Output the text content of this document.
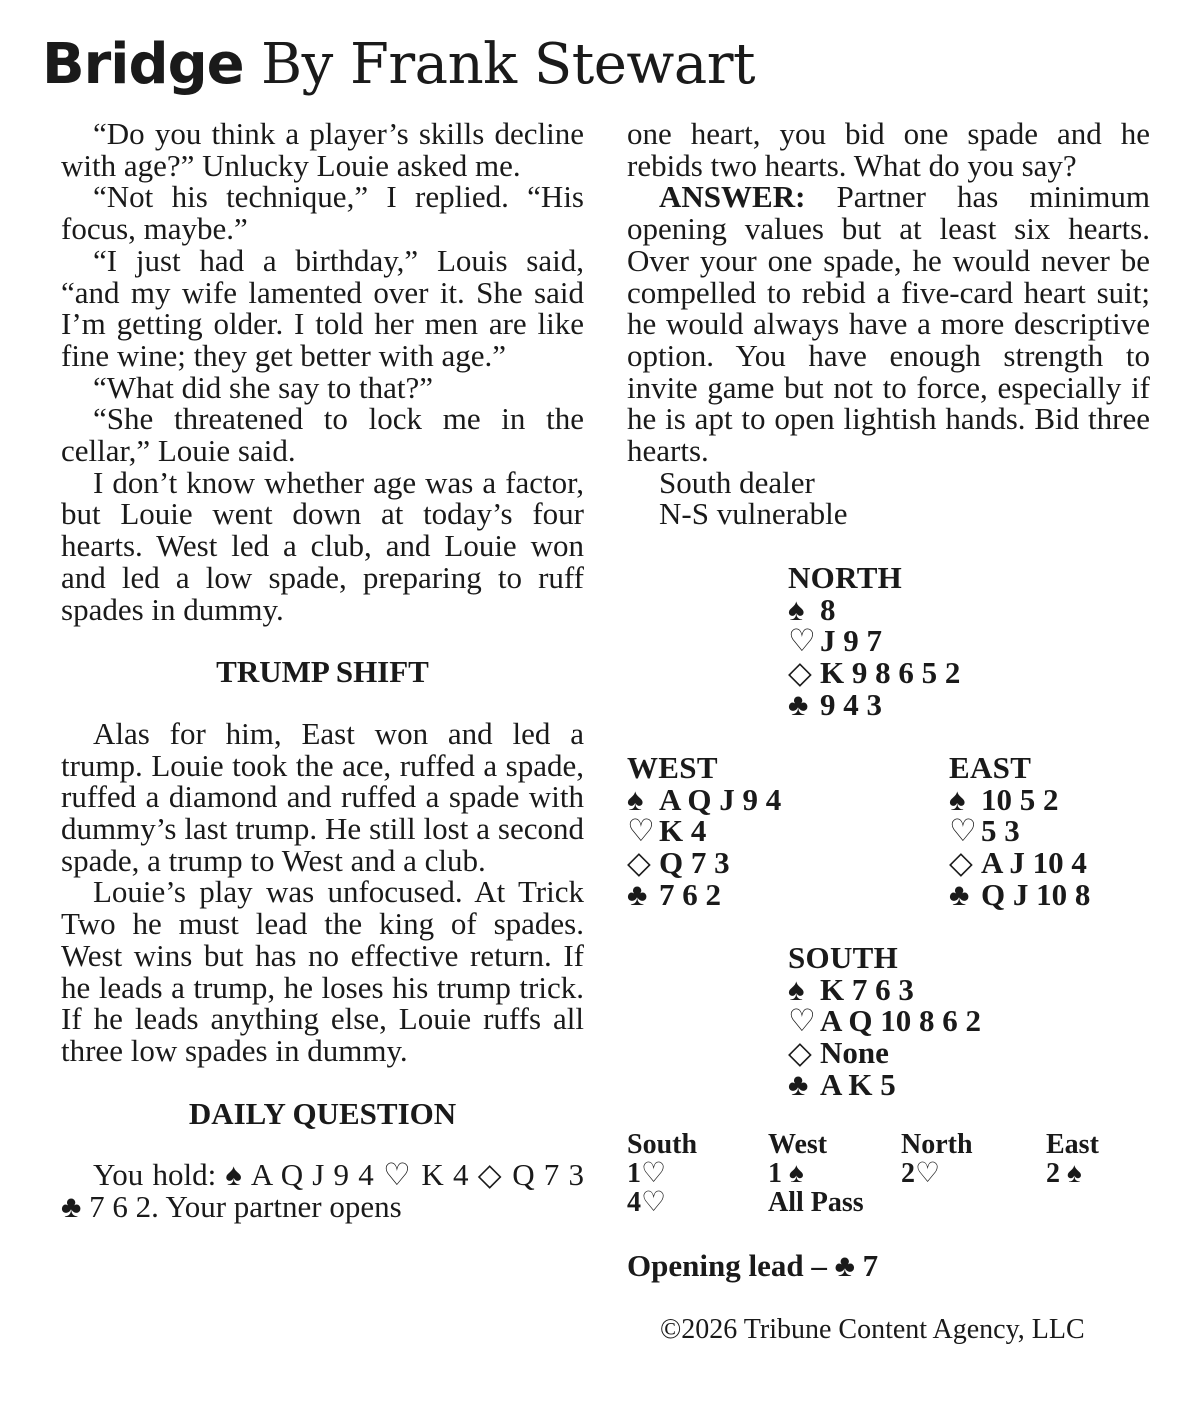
Bridge By Frank Stewart

“Do you think a player’s skills decline with age?” Unlucky Louie asked me.

“Not his technique,” I replied. “His focus, maybe.”

“I just had a birthday,” Louis said, “and my wife lamented over it. She said I’m getting older. I told her men are like fine wine; they get better with age.”

“What did she say to that?”

“She threatened to lock me in the cellar,” Louie said.

I don’t know whether age was a factor, but Louie went down at today’s four hearts. West led a club, and Louie won and led a low spade, preparing to ruff spades in dummy.

TRUMP SHIFT

Alas for him, East won and led a trump. Louie took the ace, ruffed a spade, ruffed a diamond and ruffed a spade with dummy’s last trump. He still lost a second spade, a trump to West and a club.

Louie’s play was unfocused. At Trick Two he must lead the king of spades. West wins but has no effective return. If he leads a trump, he loses his trump trick. If he leads anything else, Louie ruffs all three low spades in dummy.

DAILY QUESTION

You hold: ♠ A Q J 9 4 ♡ K 4 ◇ Q 7 3 ♣ 7 6 2. Your partner opens

one heart, you bid one spade and he rebids two hearts. What do you say?

ANSWER: Partner has minimum opening values but at least six hearts. Over your one spade, he would never be compelled to rebid a five-card heart suit; he would always have a more descriptive option. You have enough strength to invite game but not to force, especially if he is apt to open lightish hands. Bid three hearts.

South dealer
N-S vulnerable
NORTH
♠ 8
♡ J 9 7
◇ K 9 8 6 5 2
♣ 9 4 3
WEST
♠ A Q J 9 4
♡ K 4
◇ Q 7 3
♣ 7 6 2
EAST
♠ 10 5 2
♡ 5 3
◇ A J 10 4
♣ Q J 10 8
SOUTH
♠ K 7 6 3
♡ A Q 10 8 6 2
◇ None
♣ A K 5
South
1♡
4♡
West
1 ♠
All Pass
North
2♡
East
2 ♠
Opening lead – ♣ 7
©2026 Tribune Content Agency, LLC
